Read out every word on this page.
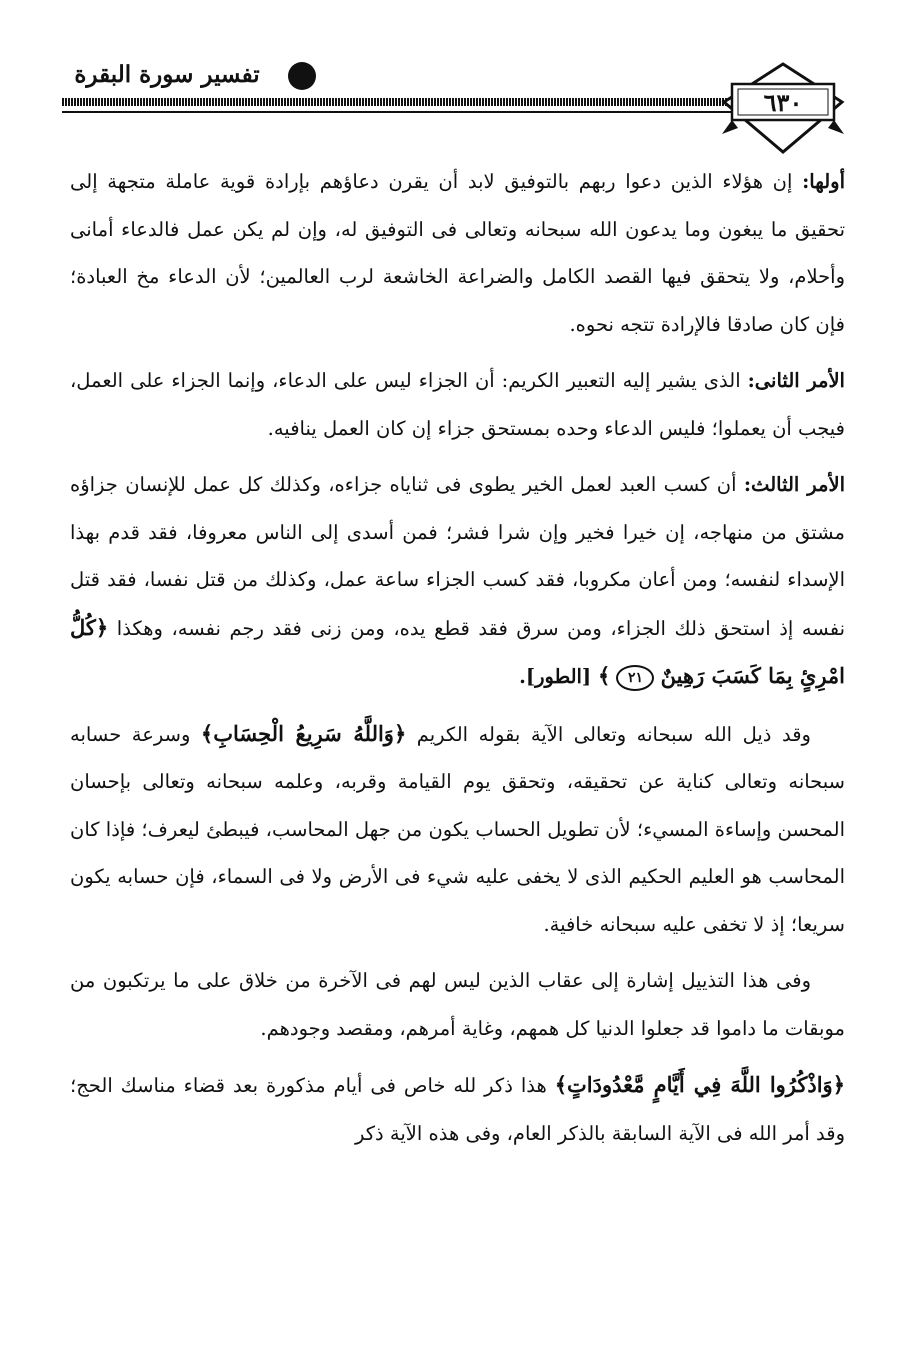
تفسير سورة البقرة
٦٣٠

أولها: إن هؤلاء الذين دعوا ربهم بالتوفيق لابد أن يقرن دعاؤهم بإرادة قوية عاملة متجهة إلى تحقيق ما يبغون وما يدعون الله سبحانه وتعالى فى التوفيق له، وإن لم يكن عمل فالدعاء أمانى وأحلام، ولا يتحقق فيها القصد الكامل والضراعة الخاشعة لرب العالمين؛ لأن الدعاء مخ العبادة؛ فإن كان صادقا فالإرادة تتجه نحوه.

الأمر الثانى: الذى يشير إليه التعبير الكريم: أن الجزاء ليس على الدعاء، وإنما الجزاء على العمل، فيجب أن يعملوا؛ فليس الدعاء وحده بمستحق جزاء إن كان العمل ينافيه.

الأمر الثالث: أن كسب العبد لعمل الخير يطوى فى ثناياه جزاءه، وكذلك كل عمل للإنسان جزاؤه مشتق من منهاجه، إن خيرا فخير وإن شرا فشر؛ فمن أسدى إلى الناس معروفا، فقد قدم بهذا الإسداء لنفسه؛ ومن أعان مكروبا، فقد كسب الجزاء ساعة عمل، وكذلك من قتل نفسا، فقد قتل نفسه إذ استحق ذلك الجزاء، ومن سرق فقد قطع يده، ومن زنى فقد رجم نفسه، وهكذا ﴿كُلُّ امْرِئٍ بِمَا كَسَبَ رَهِينٌ ٢١ ﴾ [الطور].

وقد ذيل الله سبحانه وتعالى الآية بقوله الكريم ﴿وَاللَّهُ سَرِيعُ الْحِسَابِ﴾ وسرعة حسابه سبحانه وتعالى كناية عن تحقيقه، وتحقق يوم القيامة وقربه، وعلمه سبحانه وتعالى بإحسان المحسن وإساءة المسيء؛ لأن تطويل الحساب يكون من جهل المحاسب، فيبطئ ليعرف؛ فإذا كان المحاسب هو العليم الحكيم الذى لا يخفى عليه شيء فى الأرض ولا فى السماء، فإن حسابه يكون سريعا؛ إذ لا تخفى عليه سبحانه خافية.

وفى هذا التذييل إشارة إلى عقاب الذين ليس لهم فى الآخرة من خلاق على ما يرتكبون من موبقات ما داموا قد جعلوا الدنيا كل همهم، وغاية أمرهم، ومقصد وجودهم.

﴿وَاذْكُرُوا اللَّهَ فِي أَيَّامٍ مَّعْدُودَاتٍ﴾ هذا ذكر لله خاص فى أيام مذكورة بعد قضاء مناسك الحج؛ وقد أمر الله فى الآية السابقة بالذكر العام، وفى هذه الآية ذكر
